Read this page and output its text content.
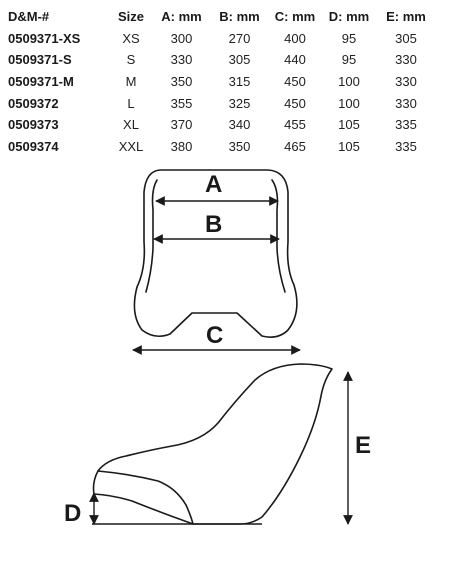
D&M-#	Size	A: mm	B: mm	C: mm	D: mm	E: mm
0509371-XS	XS	300	270	400	95	305
0509371-S	S	330	305	440	95	330
0509371-M	M	350	315	450	100	330
0509372	L	355	325	450	100	330
0509373	XL	370	340	455	105	335
0509374	XXL	380	350	465	105	335
A
B
C
D
E
